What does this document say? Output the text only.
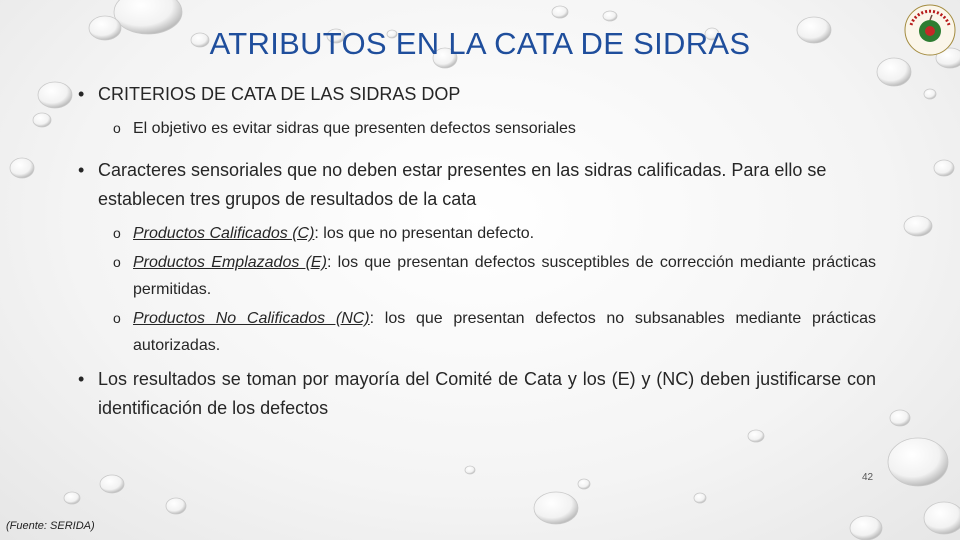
ATRIBUTOS EN LA CATA DE SIDRAS
• CRITERIOS DE CATA DE LAS SIDRAS DOP
o El objetivo es evitar sidras que presenten defectos sensoriales
• Caracteres sensoriales que no deben estar presentes en las sidras calificadas. Para ello se establecen tres grupos de resultados de la cata
o Productos Calificados (C): los que no presentan defecto.
o Productos Emplazados (E): los que presentan defectos susceptibles de corrección mediante prácticas permitidas.
o Productos No Calificados (NC): los que presentan defectos no subsanables mediante prácticas autorizadas.
• Los resultados se toman por mayoría del Comité de Cata y los (E) y (NC) deben justificarse con identificación de los defectos
42
(Fuente: SERIDA)
